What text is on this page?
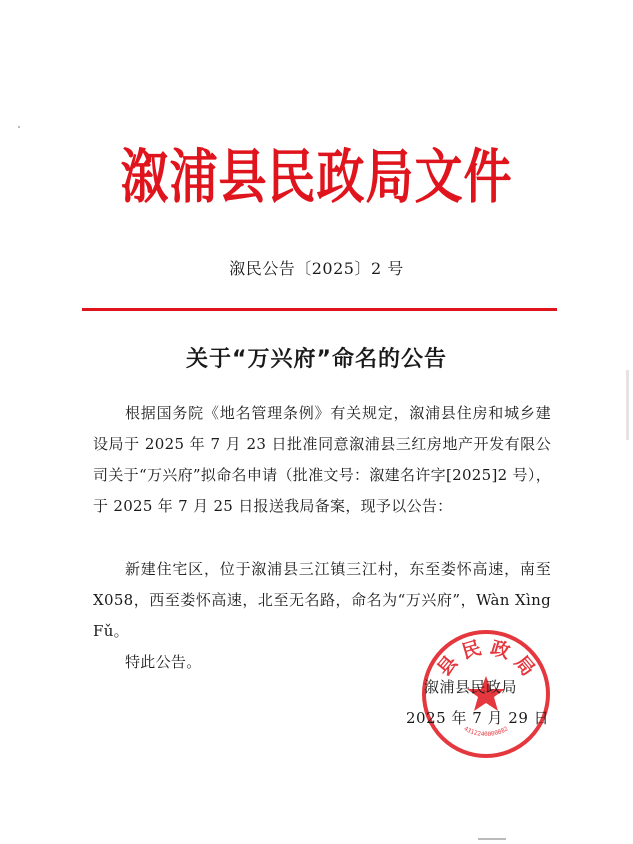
溆浦县民政局文件
溆民公告〔2025〕2 号
关于“万兴府”命名的公告
根据国务院《地名管理条例》有关规定，溆浦县住房和城乡建设局于 2025 年 7 月 23 日批准同意溆浦县三红房地产开发有限公司关于“万兴府”拟命名申请（批准文号：溆建名许字[2025]2 号），于 2025 年 7 月 25 日报送我局备案，现予以公告：
新建住宅区，位于溆浦县三江镇三江村，东至娄怀高速，南至 X058，西至娄怀高速，北至无名路，命名为“万兴府”，Wàn Xìng Fǔ。
特此公告。	县 民 政 局
4312240000882
溆浦县民政局
2025 年 7 月 29 日
